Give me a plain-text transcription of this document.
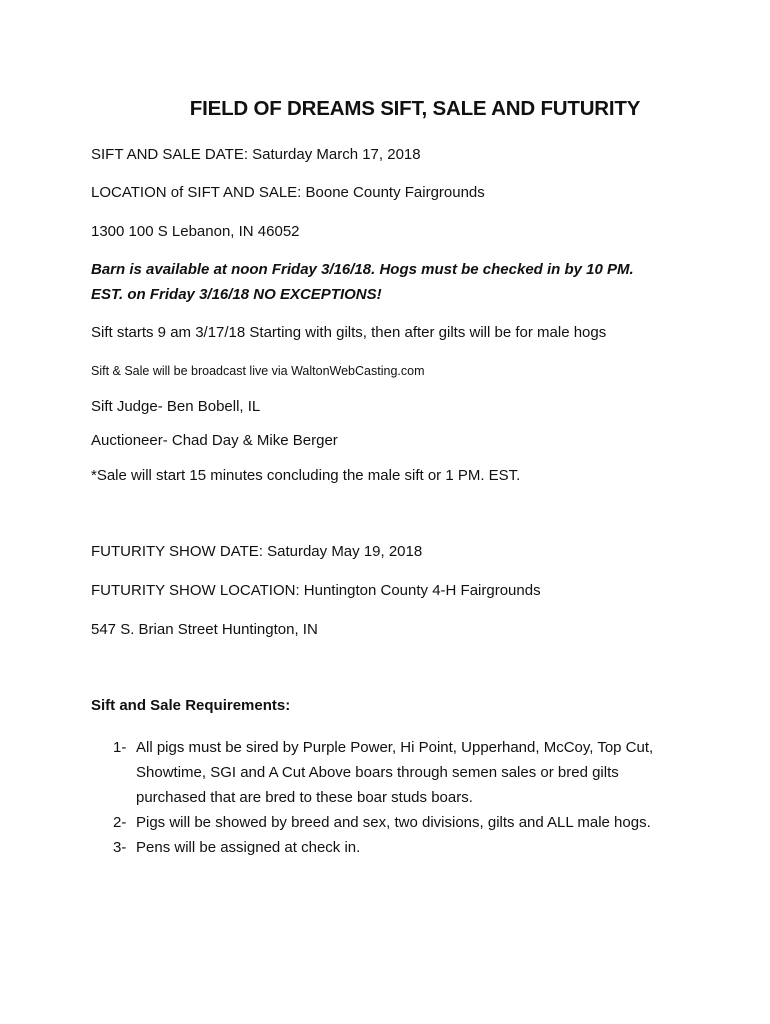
FIELD OF DREAMS SIFT, SALE AND FUTURITY
SIFT AND SALE DATE: Saturday March 17, 2018
LOCATION of SIFT AND SALE: Boone County Fairgrounds
1300 100 S Lebanon, IN 46052
Barn is available at noon Friday 3/16/18. Hogs must be checked in by 10 PM.
EST. on Friday 3/16/18 NO EXCEPTIONS!
Sift starts 9 am 3/17/18 Starting with gilts, then after gilts will be for male hogs
Sift & Sale will be broadcast live via WaltonWebCasting.com
Sift Judge- Ben Bobell, IL
Auctioneer- Chad Day & Mike Berger
*Sale will start 15 minutes concluding the male sift or 1 PM. EST.
FUTURITY SHOW DATE: Saturday May 19, 2018
FUTURITY SHOW LOCATION: Huntington County 4-H Fairgrounds
547 S. Brian Street Huntington, IN
Sift and Sale Requirements:
1- All pigs must be sired by Purple Power, Hi Point, Upperhand, McCoy, Top Cut, Showtime, SGI and A Cut Above boars through semen sales or bred gilts purchased that are bred to these boar studs boars.
2- Pigs will be showed by breed and sex, two divisions, gilts and ALL male hogs.
3- Pens will be assigned at check in.
